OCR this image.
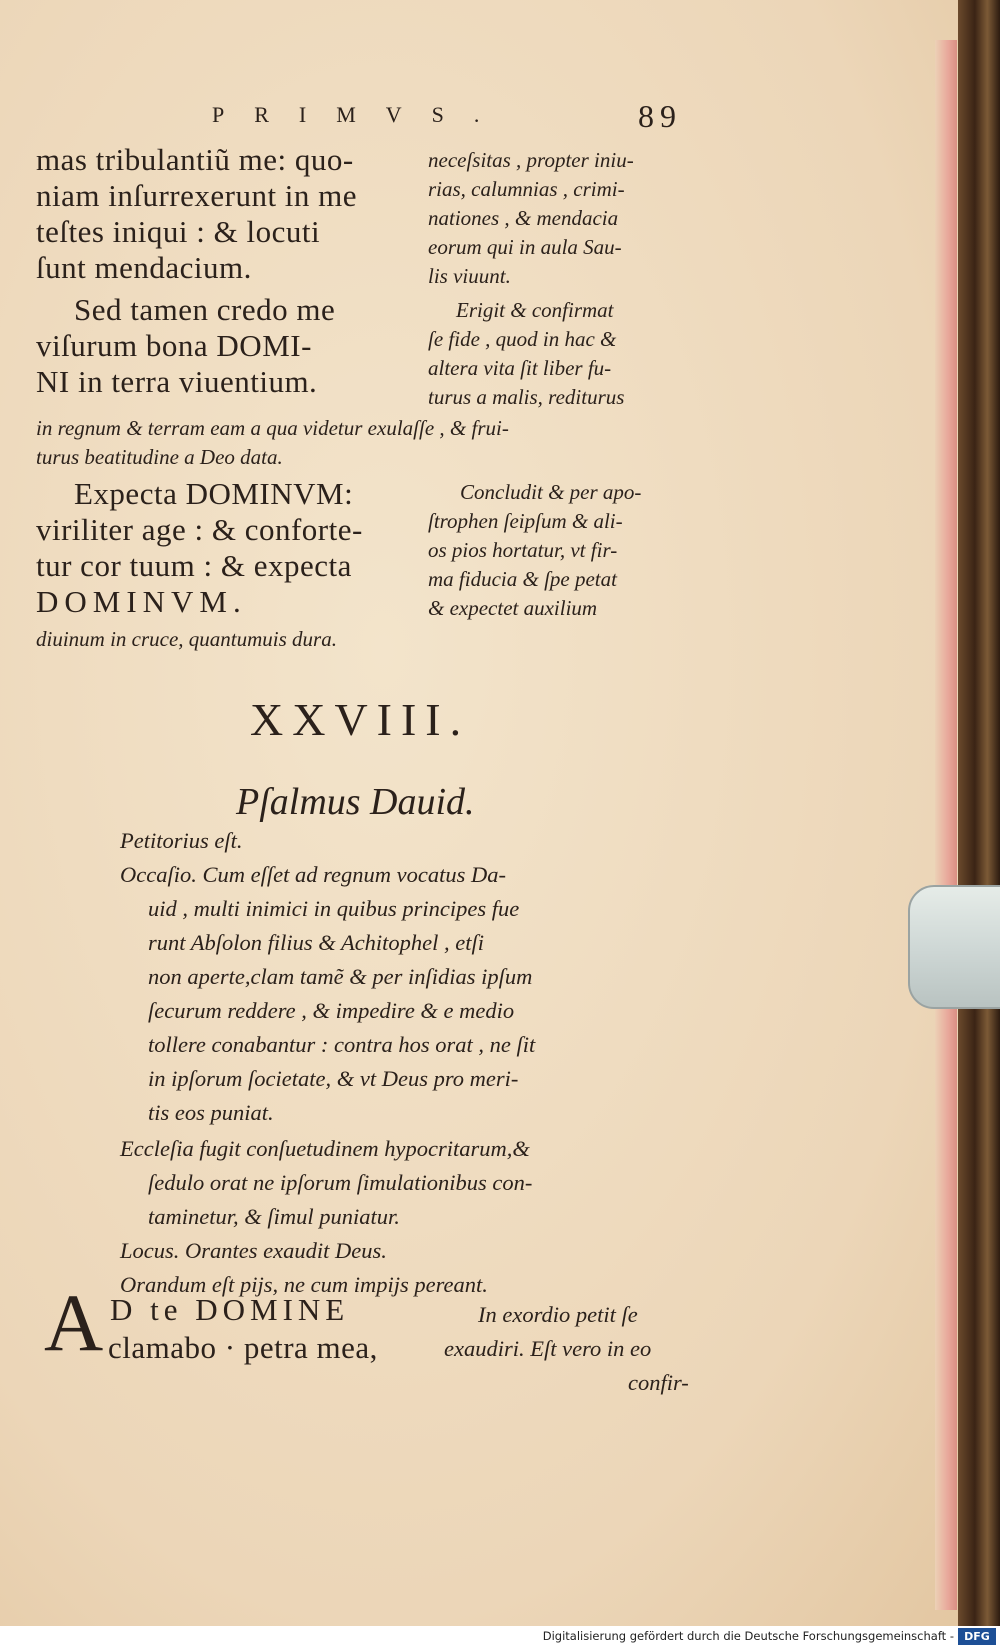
PRIMVS.	89
mas tribulantiũ me: quo-
niam inſurrexerunt in me
teſtes iniqui : & locuti
ſunt mendacium.
neceſsitas , propter iniu-
rias, calumnias , crimi-
nationes , & mendacia
eorum qui in aula Sau-
lis viuunt.
Sed tamen credo me
viſurum bona DOMI-
NI in terra viuentium.
Erigit & confirmat
ſe fide , quod in hac &
altera vita ſit liber fu-
turus a malis, rediturus
in regnum & terram eam a qua videtur exulaſſe , & frui-
turus beatitudine a Deo data.
Expecta DOMINVM:
viriliter age : & conforte-
tur cor tuum : & expecta
DOMINVM.
Concludit & per apo-
ſtrophen ſeipſum & ali-
os pios hortatur, vt fir-
ma fiducia & ſpe petat
& expectet auxilium
diuinum in cruce, quantumuis dura.
XXVIII.
Pſalmus Dauid.
Petitorius eſt.
Occaſio. Cum eſſet ad regnum vocatus Da-
uid , multi inimici in quibus principes fue
runt Abſolon filius & Achitophel , etſi
non aperte,clam tamẽ & per inſidias ipſum
ſecurum reddere , & impedire & e medio
tollere conabantur : contra hos orat , ne ſit
in ipſorum ſocietate, & vt Deus pro meri-
tis eos puniat.
Eccleſia fugit conſuetudinem hypocritarum,&
ſedulo orat ne ipſorum ſimulationibus con-
taminetur, & ſimul puniatur.
Locus. Orantes exaudit Deus.
Orandum eſt pijs, ne cum impijs pereant.
A D te DOMINE
clamabo · petra mea,
In exordio petit ſe
exaudiri. Eſt vero in eo
confir-
Digitalisierung gefördert durch die Deutsche Forschungsgemeinschaft - DFG
